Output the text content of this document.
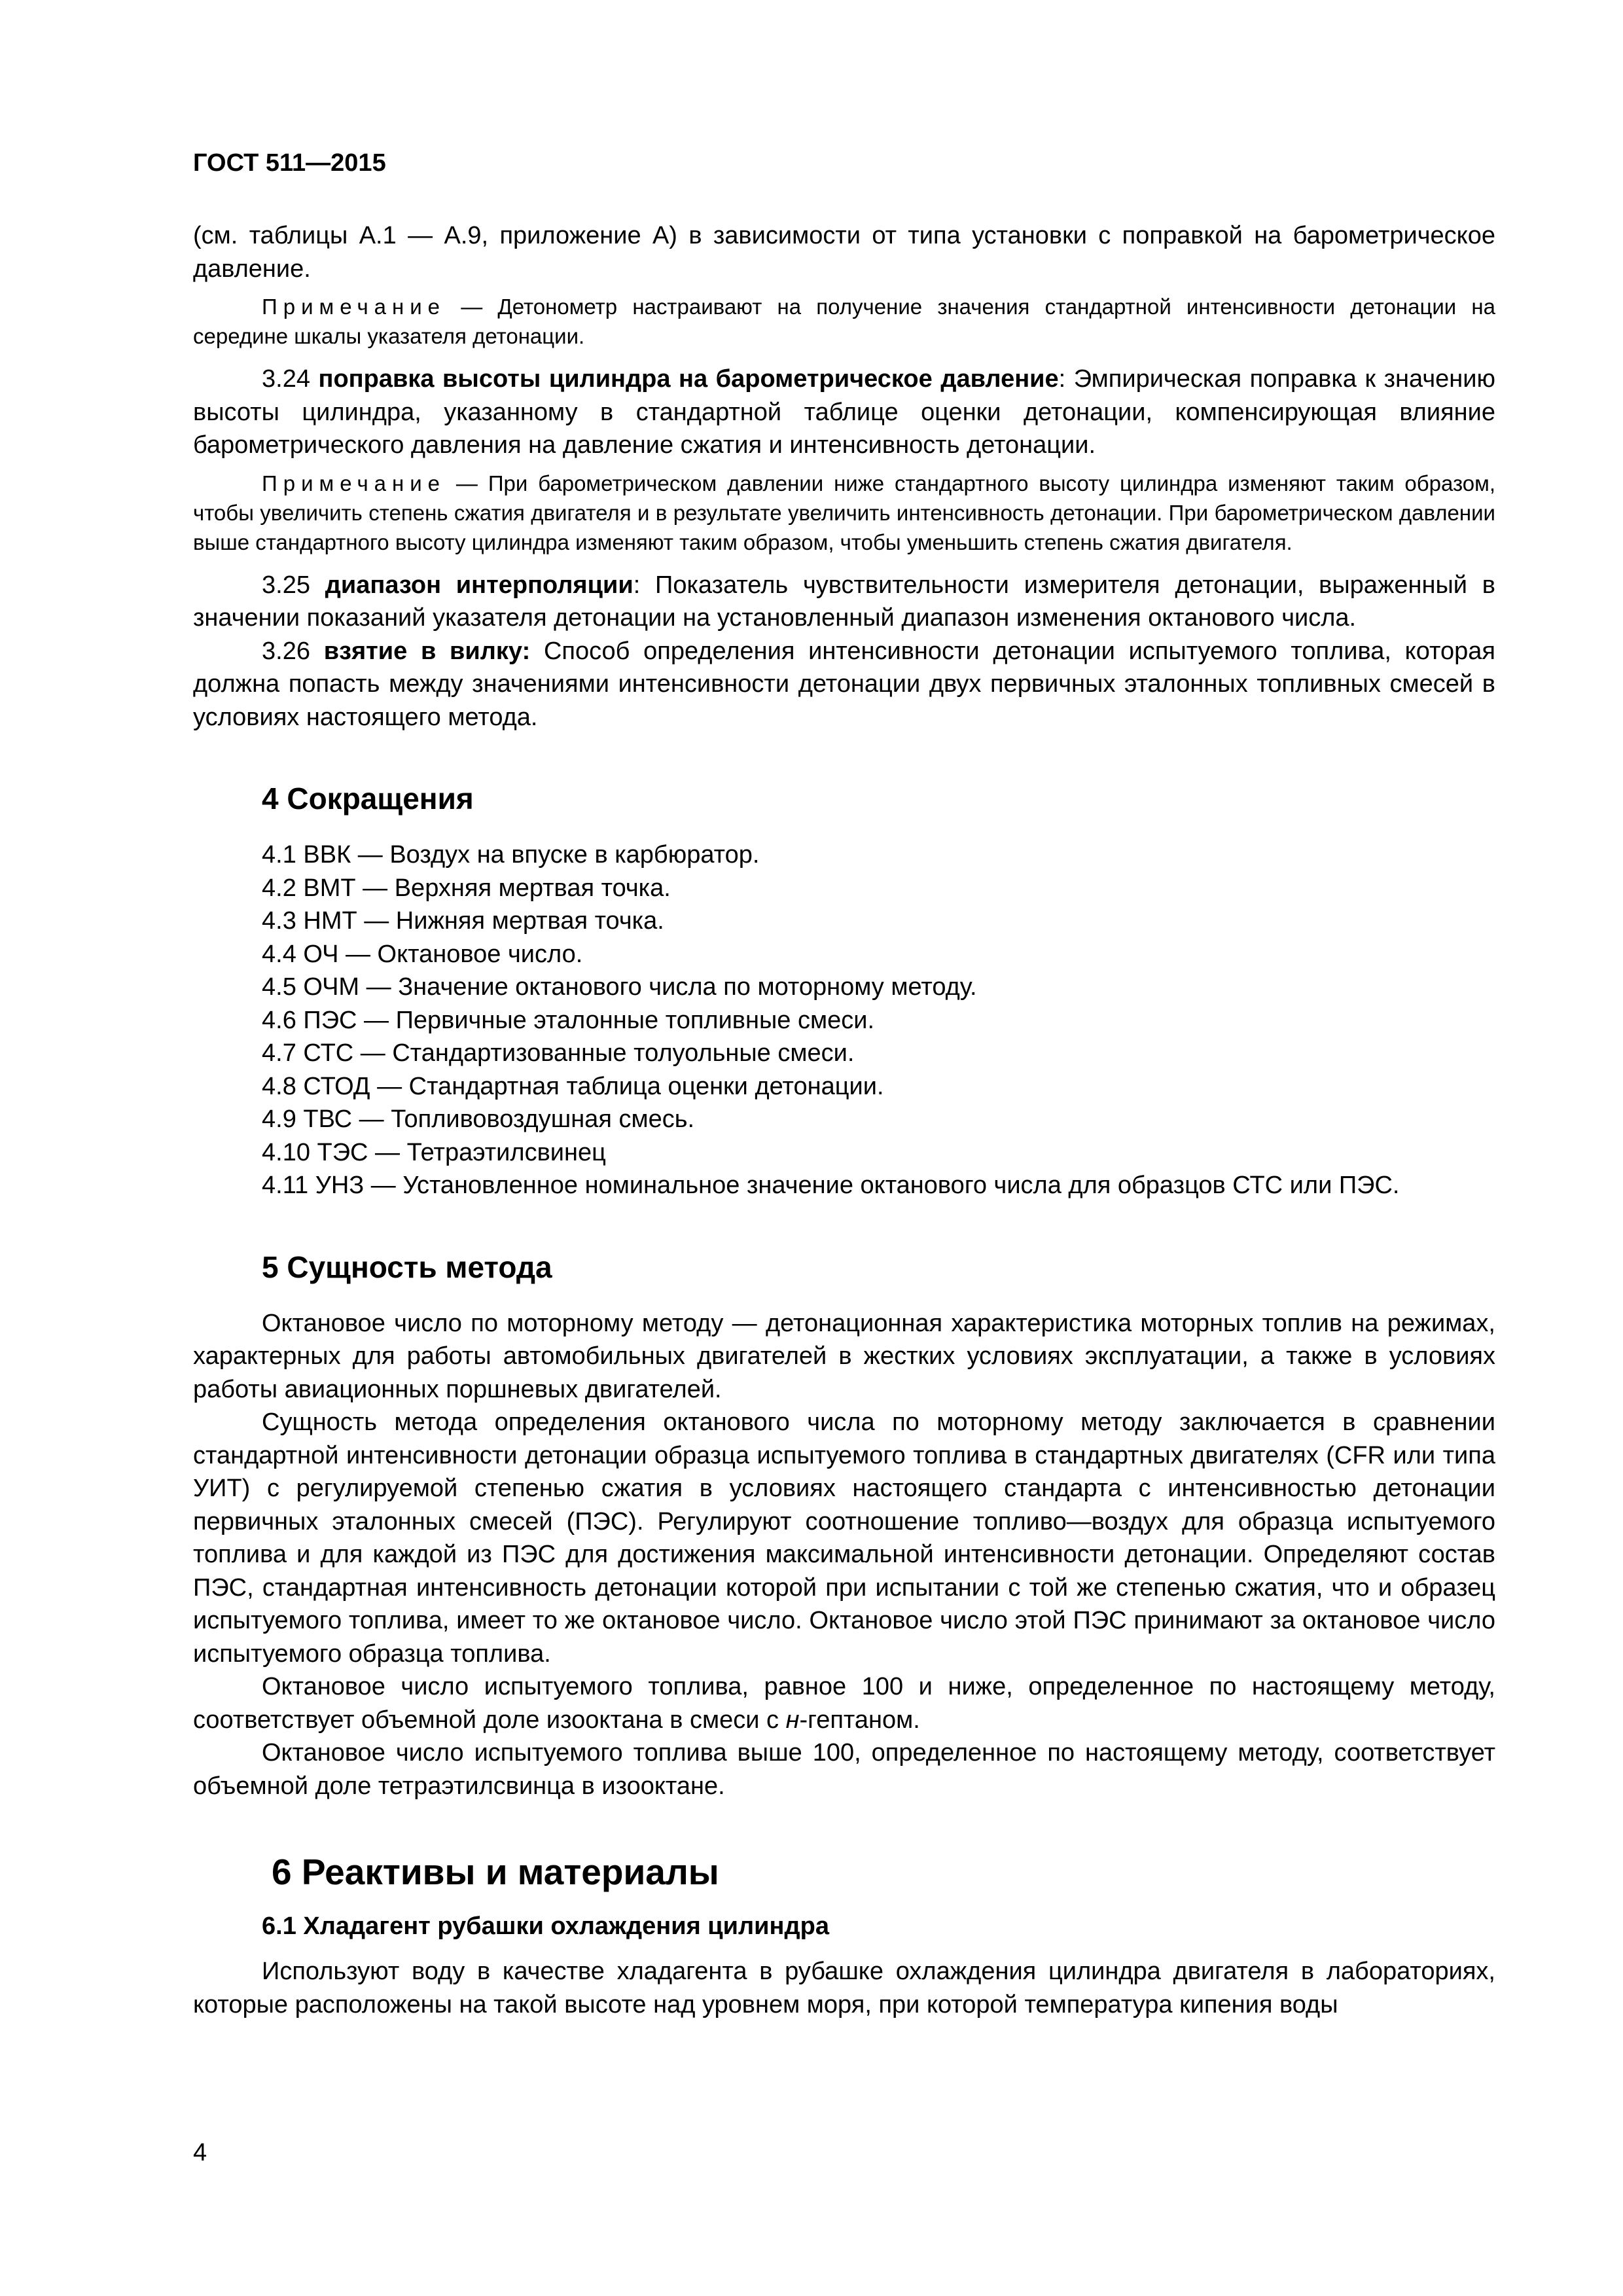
ГОСТ 511—2015

(см. таблицы А.1 — А.9, приложение А) в зависимости от типа установки с поправкой на барометрическое давление.

Примечание — Детонометр настраивают на получение значения стандартной интенсивности детонации на середине шкалы указателя детонации.

3.24 поправка высоты цилиндра на барометрическое давление: Эмпирическая поправка к значению высоты цилиндра, указанному в стандартной таблице оценки детонации, компенсирующая влияние барометрического давления на давление сжатия и интенсивность детонации.

Примечание — При барометрическом давлении ниже стандартного высоту цилиндра изменяют таким образом, чтобы увеличить степень сжатия двигателя и в результате увеличить интенсивность детонации. При барометрическом давлении выше стандартного высоту цилиндра изменяют таким образом, чтобы уменьшить степень сжатия двигателя.

3.25 диапазон интерполяции: Показатель чувствительности измерителя детонации, выраженный в значении показаний указателя детонации на установленный диапазон изменения октанового числа.

3.26 взятие в вилку: Способ определения интенсивности детонации испытуемого топлива, которая должна попасть между значениями интенсивности детонации двух первичных эталонных топливных смесей в условиях настоящего метода.

4 Сокращения

4.1 ВВК — Воздух на впуске в карбюратор.

4.2 ВМТ — Верхняя мертвая точка.

4.3 НМТ — Нижняя мертвая точка.

4.4 ОЧ — Октановое число.

4.5 ОЧМ — Значение октанового числа по моторному методу.

4.6 ПЭС — Первичные эталонные топливные смеси.

4.7 СТС — Стандартизованные толуольные смеси.

4.8 СТОД — Стандартная таблица оценки детонации.

4.9 ТВС — Топливовоздушная смесь.

4.10 ТЭС — Тетраэтилсвинец

4.11 УНЗ — Установленное номинальное значение октанового числа для образцов СТС или ПЭС.

5 Сущность метода

Октановое число по моторному методу — детонационная характеристика моторных топлив на режимах, характерных для работы автомобильных двигателей в жестких условиях эксплуатации, а также в условиях работы авиационных поршневых двигателей.

Сущность метода определения октанового числа по моторному методу заключается в сравнении стандартной интенсивности детонации образца испытуемого топлива в стандартных двигателях (CFR или типа УИТ) с регулируемой степенью сжатия в условиях настоящего стандарта с интенсивностью детонации первичных эталонных смесей (ПЭС). Регулируют соотношение топливо—воздух для образца испытуемого топлива и для каждой из ПЭС для достижения максимальной интенсивности детонации. Определяют состав ПЭС, стандартная интенсивность детонации которой при испытании с той же степенью сжатия, что и образец испытуемого топлива, имеет то же октановое число. Октановое число этой ПЭС принимают за октановое число испытуемого образца топлива.

Октановое число испытуемого топлива, равное 100 и ниже, определенное по настоящему методу, соответствует объемной доле изооктана в смеси с н-гептаном.

Октановое число испытуемого топлива выше 100, определенное по настоящему методу, соответствует объемной доле тетраэтилсвинца в изооктане.

6 Реактивы и материалы

6.1 Хладагент рубашки охлаждения цилиндра

Используют воду в качестве хладагента в рубашке охлаждения цилиндра двигателя в лабораториях, которые расположены на такой высоте над уровнем моря, при которой температура кипения воды

4
